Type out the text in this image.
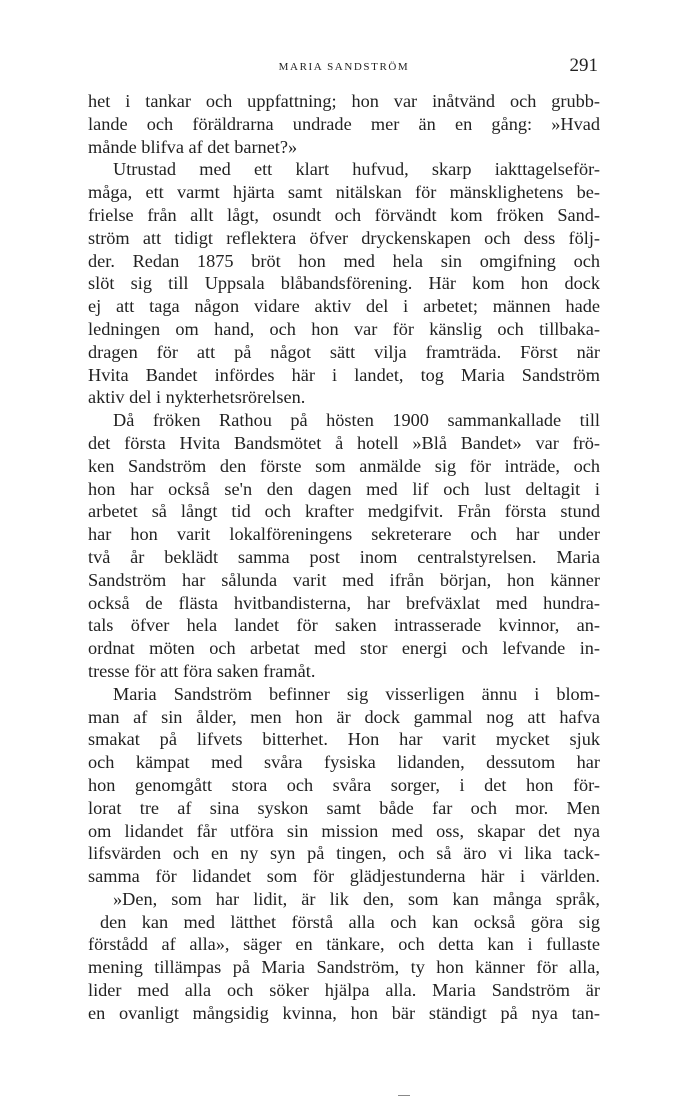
MARIA SANDSTRÖM	291
het i tankar och uppfattning; hon var inåtvänd och grubb-
lande och föräldrarna undrade mer än en gång: »Hvad
månde blifva af det barnet?»
Utrustad med ett klart hufvud, skarp iakttagelseför-
måga, ett varmt hjärta samt nitälskan för mänsklighetens be-
frielse från allt lågt, osundt och förvändt kom fröken Sand-
ström att tidigt reflektera öfver dryckenskapen och dess följ-
der. Redan 1875 bröt hon med hela sin omgifning och
slöt sig till Uppsala blåbandsförening. Här kom hon dock
ej att taga någon vidare aktiv del i arbetet; männen hade
ledningen om hand, och hon var för känslig och tillbaka-
dragen för att på något sätt vilja framträda. Först när
Hvita Bandet infördes här i landet, tog Maria Sandström
aktiv del i nykterhetsrörelsen.
Då fröken Rathou på hösten 1900 sammankallade till
det första Hvita Bandsmötet å hotell »Blå Bandet» var frö-
ken Sandström den förste som anmälde sig för inträde, och
hon har också se'n den dagen med lif och lust deltagit i
arbetet så långt tid och krafter medgifvit. Från första stund
har hon varit lokalföreningens sekreterare och har under
två år beklädt samma post inom centralstyrelsen. Maria
Sandström har sålunda varit med ifrån början, hon känner
också de flästa hvitbandisterna, har brefväxlat med hundra-
tals öfver hela landet för saken intrasserade kvinnor, an-
ordnat möten och arbetat med stor energi och lefvande in-
tresse för att föra saken framåt.
Maria Sandström befinner sig visserligen ännu i blom-
man af sin ålder, men hon är dock gammal nog att hafva
smakat på lifvets bitterhet. Hon har varit mycket sjuk
och kämpat med svåra fysiska lidanden, dessutom har
hon genomgått stora och svåra sorger, i det hon för-
lorat tre af sina syskon samt både far och mor. Men
om lidandet får utföra sin mission med oss, skapar det nya
lifsvärden och en ny syn på tingen, och så äro vi lika tack-
samma för lidandet som för glädjestunderna här i världen.
»Den, som har lidit, är lik den, som kan många språk,
den kan med lätthet förstå alla och kan också göra sig
förstådd af alla», säger en tänkare, och detta kan i fullaste
mening tillämpas på Maria Sandström, ty hon känner för alla,
lider med alla och söker hjälpa alla. Maria Sandström är
en ovanligt mångsidig kvinna, hon bär ständigt på nya tan-
